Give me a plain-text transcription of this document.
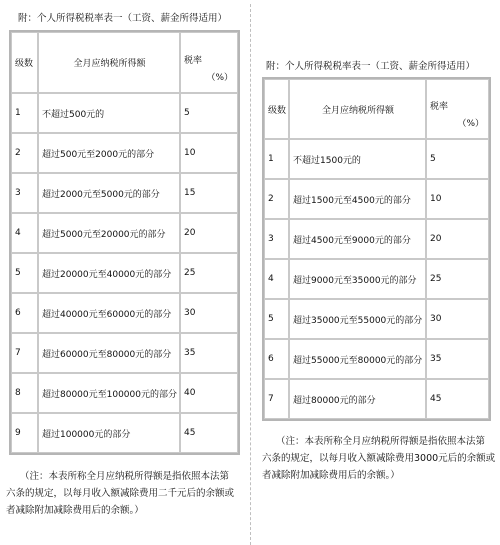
附：个人所得税税率表一（工资、薪金所得适用）
级数	全月应纳税所得额	税率
（%）

1	不超过500元的	5
2	超过500元至2000元的部分	10
3	超过2000元至5000元的部分	15
4	超过5000元至20000元的部分	20
5	超过20000元至40000元的部分	25
6	超过40000元至60000元的部分	30
7	超过60000元至80000元的部分	35
8	超过80000元至100000元的部分	40
9	超过100000元的部分	45
（注：本表所称全月应纳税所得额是指依照本法第
六条的规定，以每月收入额减除费用二千元后的余额或
者减除附加减除费用后的余额。）
附：个人所得税税率表一（工资、薪金所得适用）
级数	全月应纳税所得额	税率
（%）

1	不超过1500元的	5
2	超过1500元至4500元的部分	10
3	超过4500元至9000元的部分	20
4	超过9000元至35000元的部分	25
5	超过35000元至55000元的部分	30
6	超过55000元至80000元的部分	35
7	超过80000元的部分	45
（注：本表所称全月应纳税所得额是指依照本法第
六条的规定，以每月收入额减除费用3000元后的余额或
者减除附加减除费用后的余额。）
